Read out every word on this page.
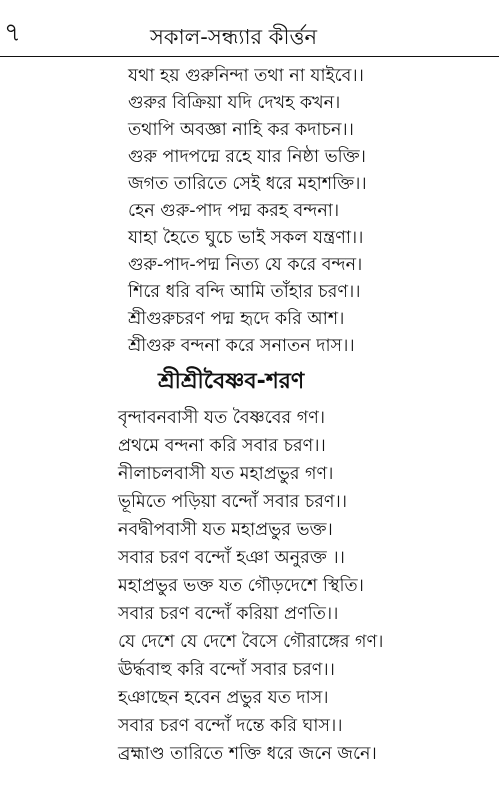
৭	সকাল-সন্ধ্যার কীর্ত্তন
যথা হয় গুরুনিন্দা তথা না যাইবে।।
গুরুর বিক্রিয়া যদি দেখহ কখন।
তথাপি অবজ্ঞা নাহি কর কদাচন।।
গুরু পাদপদ্মে রহে যার নিষ্ঠা ভক্তি।
জগত তারিতে সেই ধরে মহাশক্তি।।
হেন গুরু-পাদ পদ্ম করহ বন্দনা।
যাহা হৈতে ঘুচে ভাই সকল যন্ত্রণা।।
গুরু-পাদ-পদ্ম নিত্য যে করে বন্দন।
শিরে ধরি বন্দি আমি তাঁহার চরণ।।
শ্রীগুরুচরণ পদ্ম হৃদে করি আশ।
শ্রীগুরু বন্দনা করে সনাতন দাস।।
শ্রীশ্রীবৈষ্ণব-শরণ
বৃন্দাবনবাসী যত বৈষ্ণবের গণ।
প্রথমে বন্দনা করি সবার চরণ।।
নীলাচলবাসী যত মহাপ্রভুর গণ।
ভূমিতে পড়িয়া বন্দোঁ সবার চরণ।।
নবদ্বীপবাসী যত মহাপ্রভুর ভক্ত।
সবার চরণ বন্দোঁ হঞা অনুরক্ত ।।
মহাপ্রভুর ভক্ত যত গৌড়দেশে স্থিতি।
সবার চরণ বন্দোঁ করিয়া প্রণতি।।
যে দেশে যে দেশে বৈসে গৌরাঙ্গের গণ।
ঊর্দ্ধবাহু করি বন্দোঁ সবার চরণ।।
হঞাছেন হবেন প্রভুর যত দাস।
সবার চরণ বন্দোঁ দন্তে করি ঘাস।।
ব্রহ্মাণ্ড তারিতে শক্তি ধরে জনে জনে।
